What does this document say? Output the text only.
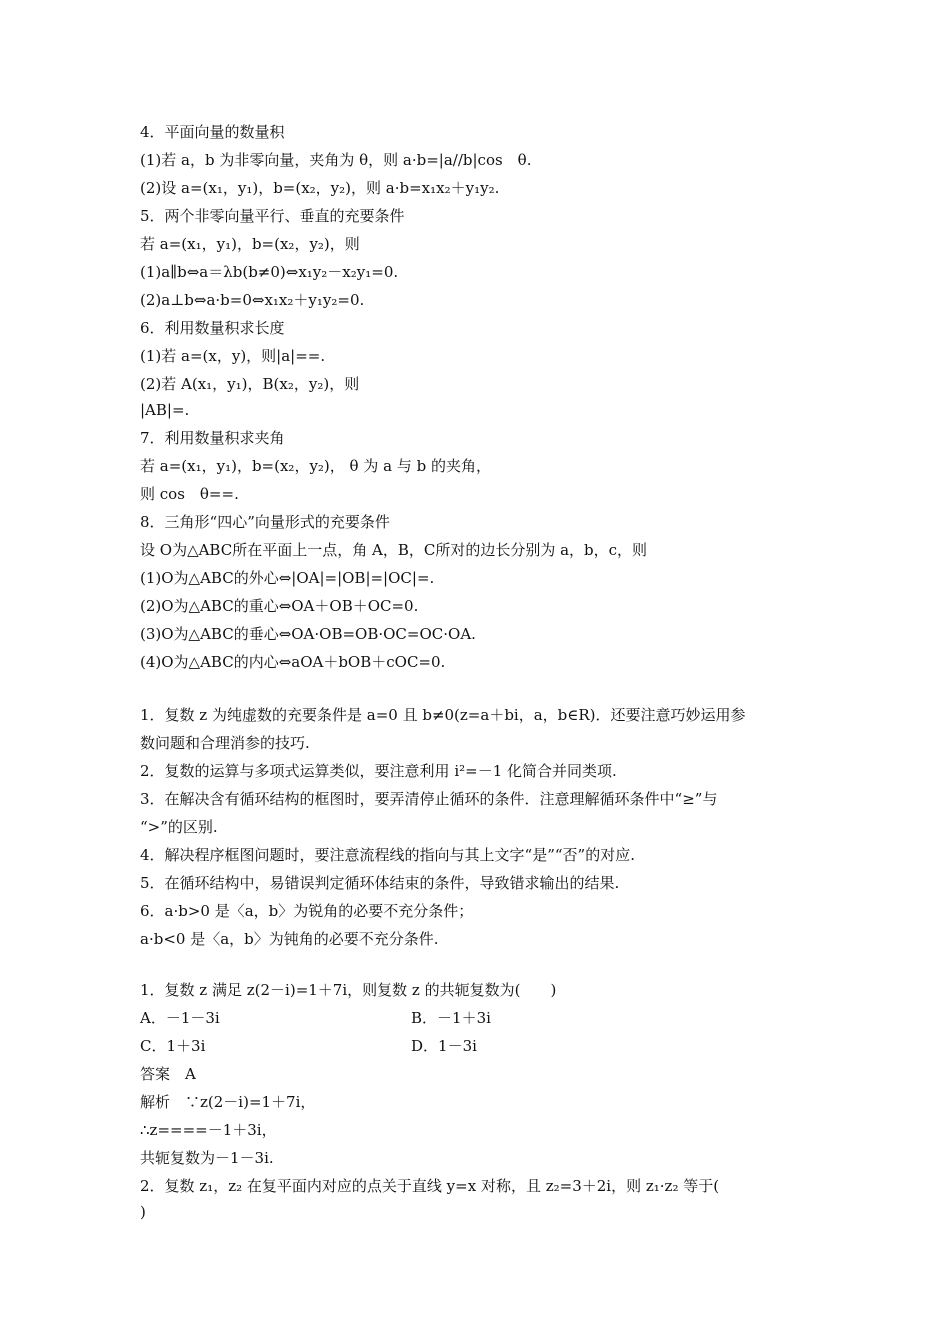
4．平面向量的数量积
(1)若 a，b 为非零向量，夹角为 θ，则 a·b=|a//b|cos　θ.
(2)设 a=(x₁，y₁)，b=(x₂，y₂)，则 a·b=x₁x₂＋y₁y₂.
5．两个非零向量平行、垂直的充要条件
若 a=(x₁，y₁)，b=(x₂，y₂)，则
(1)a∥b⇔a＝λb(b≠0)⇔x₁y₂－x₂y₁=0.
(2)a⊥b⇔a·b=0⇔x₁x₂＋y₁y₂=0.
6．利用数量积求长度
(1)若 a=(x，y)，则|a|==.
(2)若 A(x₁，y₁)，B(x₂，y₂)，则
|AB|=.
7．利用数量积求夹角
若 a=(x₁，y₁)，b=(x₂，y₂)， θ 为 a 与 b 的夹角，
则 cos　θ==.
8．三角形“四心”向量形式的充要条件
设 O为△ABC所在平面上一点，角 A，B，C所对的边长分别为 a，b，c，则
(1)O为△ABC的外心⇔|OA|=|OB|=|OC|=.
(2)O为△ABC的重心⇔OA＋OB＋OC=0.
(3)O为△ABC的垂心⇔OA·OB=OB·OC=OC·OA.
(4)O为△ABC的内心⇔aOA＋bOB＋cOC=0.
1．复数 z 为纯虚数的充要条件是 a=0 且 b≠0(z=a＋bi，a，b∈R)．还要注意巧妙运用参
数问题和合理消参的技巧.
2．复数的运算与多项式运算类似，要注意利用 i²=－1 化简合并同类项.
3．在解决含有循环结构的框图时，要弄清停止循环的条件．注意理解循环条件中“≥”与
“>”的区别.
4．解决程序框图问题时，要注意流程线的指向与其上文字“是”“否”的对应.
5．在循环结构中，易错误判定循环体结束的条件，导致错求输出的结果.
6．a·b>0 是〈a，b〉为锐角的必要不充分条件；
a·b<0 是〈a，b〉为钝角的必要不充分条件.
1．复数 z 满足 z(2－i)=1＋7i，则复数 z 的共轭复数为(　　)
A．－1－3i	B．－1＋3i
C．1＋3i	D．1－3i
答案　A
解析　∵z(2－i)=1＋7i，
∴z====－1＋3i，
共轭复数为－1－3i.
2．复数 z₁，z₂ 在复平面内对应的点关于直线 y=x 对称，且 z₂=3＋2i，则 z₁·z₂ 等于(
)
